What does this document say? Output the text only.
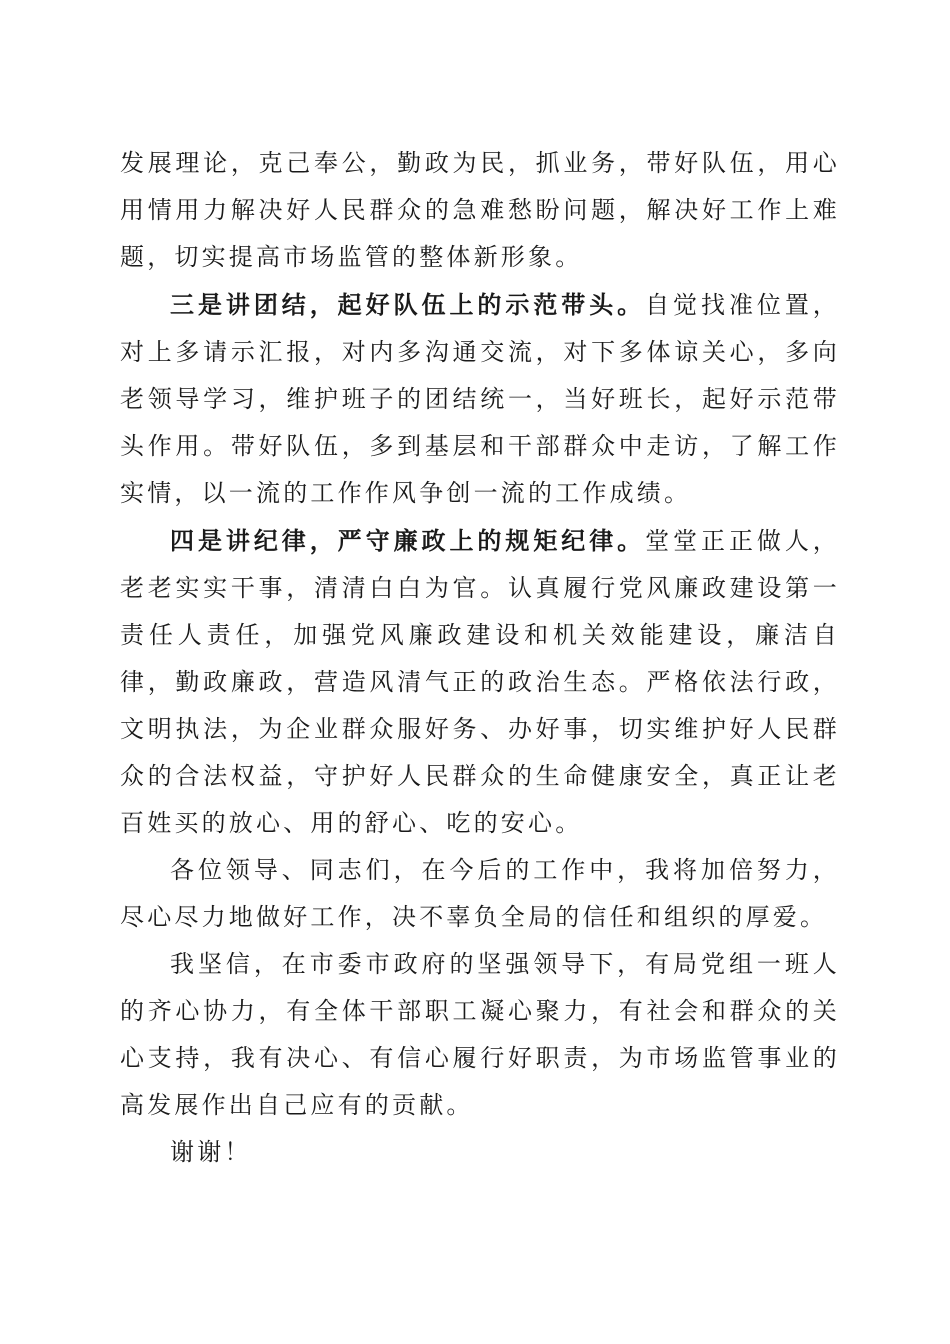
发展理论，克己奉公，勤政为民，抓业务，带好队伍，用心用情用力解决好人民群众的急难愁盼问题，解决好工作上难题，切实提高市场监管的整体新形象。

三是讲团结，起好队伍上的示范带头。自觉找准位置，对上多请示汇报，对内多沟通交流，对下多体谅关心，多向老领导学习，维护班子的团结统一，当好班长，起好示范带头作用。带好队伍，多到基层和干部群众中走访，了解工作实情，以一流的工作作风争创一流的工作成绩。

四是讲纪律，严守廉政上的规矩纪律。堂堂正正做人，老老实实干事，清清白白为官。认真履行党风廉政建设第一责任人责任，加强党风廉政建设和机关效能建设，廉洁自律，勤政廉政，营造风清气正的政治生态。严格依法行政，文明执法，为企业群众服好务、办好事，切实维护好人民群众的合法权益，守护好人民群众的生命健康安全，真正让老百姓买的放心、用的舒心、吃的安心。

各位领导、同志们，在今后的工作中，我将加倍努力，尽心尽力地做好工作，决不辜负全局的信任和组织的厚爱。

我坚信，在市委市政府的坚强领导下，有局党组一班人的齐心协力，有全体干部职工凝心聚力，有社会和群众的关心支持，我有决心、有信心履行好职责，为市场监管事业的高发展作出自己应有的贡献。

谢谢！
